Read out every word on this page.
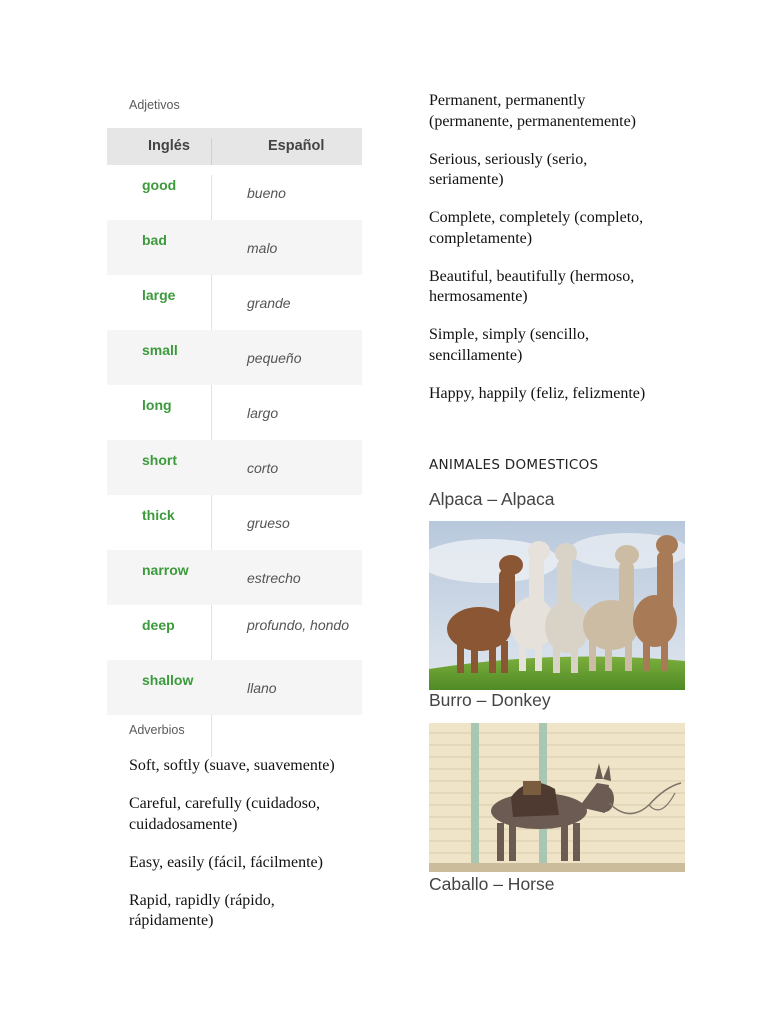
Adjetivos
Inglés	Español
good	bueno
bad	malo
large	grande
small	pequeño
long	largo
short	corto
thick	grueso
narrow	estrecho
deep	profundo, hondo
shallow	llano
Adverbios

Soft, softly (suave, suavemente)

Careful, carefully (cuidadoso, cuidadosamente)

Easy, easily (fácil, fácilmente)

Rapid, rapidly (rápido, rápidamente)

Permanent, permanently (permanente, permanentemente)

Serious, seriously (serio, seriamente)

Complete, completely (completo, completamente)

Beautiful, beautifully (hermoso, hermosamente)

Simple, simply (sencillo, sencillamente)

Happy, happily (feliz, felizmente)

ANIMALES DOMESTICOS
Alpaca – Alpaca
Burro – Donkey
Caballo – Horse
